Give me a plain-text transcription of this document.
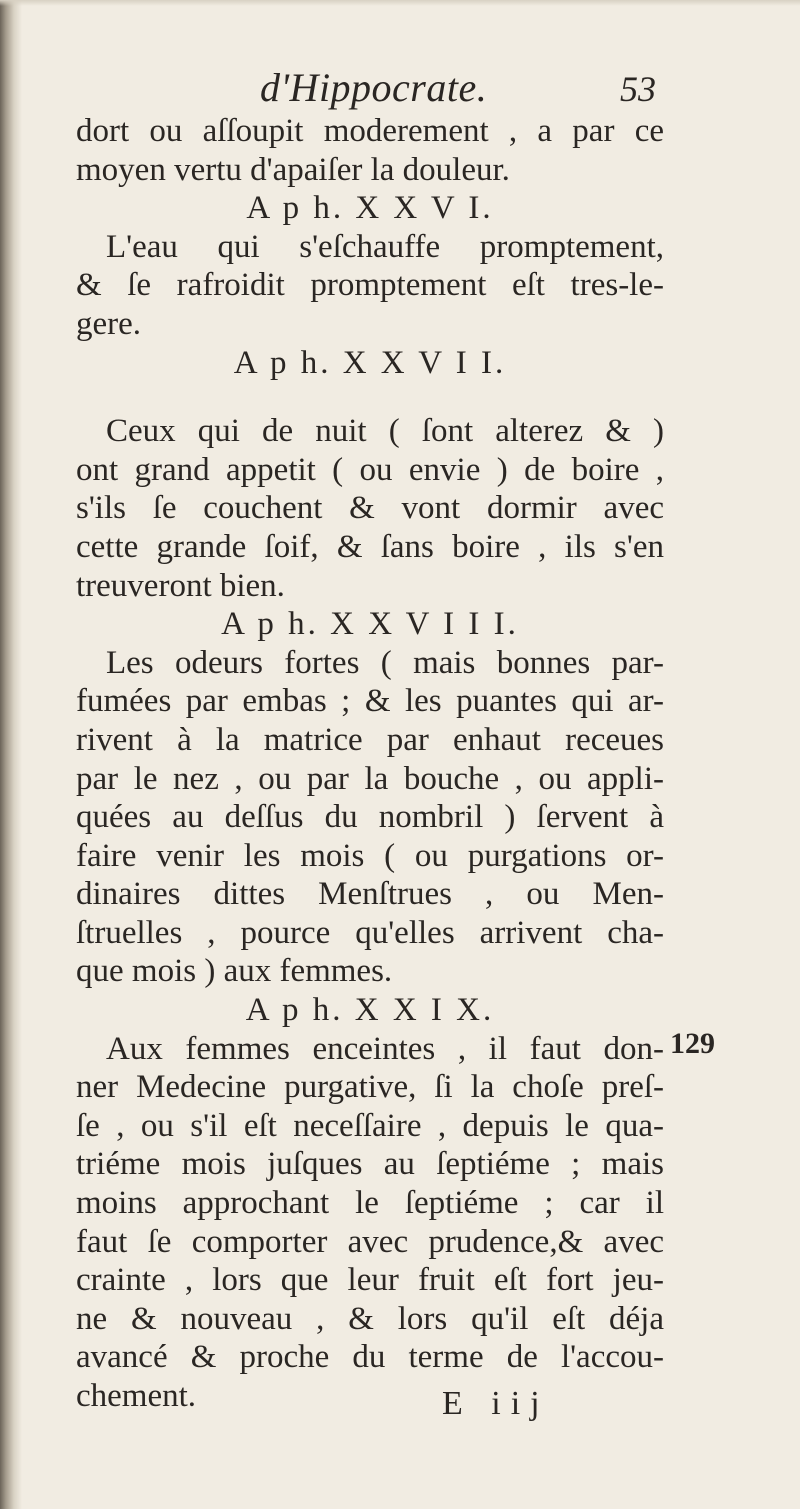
d'Hippocrate.	53
dort ou aſſoupit moderement , a par ce
moyen vertu d'apaiſer la douleur.
A p h. X X V I.
L'eau qui s'eſchauffe promptement,
& ſe rafroidit promptement eſt tres-le-
gere.
A p h. X X V I I.
Ceux qui de nuit ( ſont alterez & )
ont grand appetit ( ou envie ) de boire ,
s'ils ſe couchent & vont dormir avec
cette grande ſoif, & ſans boire , ils s'en
treuveront bien.
A p h. X X V I I I.
Les odeurs fortes ( mais bonnes par-
fumées par embas ; & les puantes qui ar-
rivent à la matrice par enhaut receues
par le nez , ou par la bouche , ou appli-
quées au deſſus du nombril ) ſervent à
faire venir les mois ( ou purgations or-
dinaires dittes Menſtrues , ou Men-
ſtruelles , pource qu'elles arrivent cha-
que mois ) aux femmes.
A p h. X X I X.
Aux femmes enceintes , il faut don-
ner Medecine purgative, ſi la choſe preſ-
ſe , ou s'il eſt neceſſaire , depuis le qua-
triéme mois juſques au ſeptiéme ; mais
moins approchant le ſeptiéme ; car il
faut ſe comporter avec prudence,& avec
crainte , lors que leur fruit eſt fort jeu-
ne & nouveau , & lors qu'il eſt déja
avancé & proche du terme de l'accou-
chement.
129
E iij
